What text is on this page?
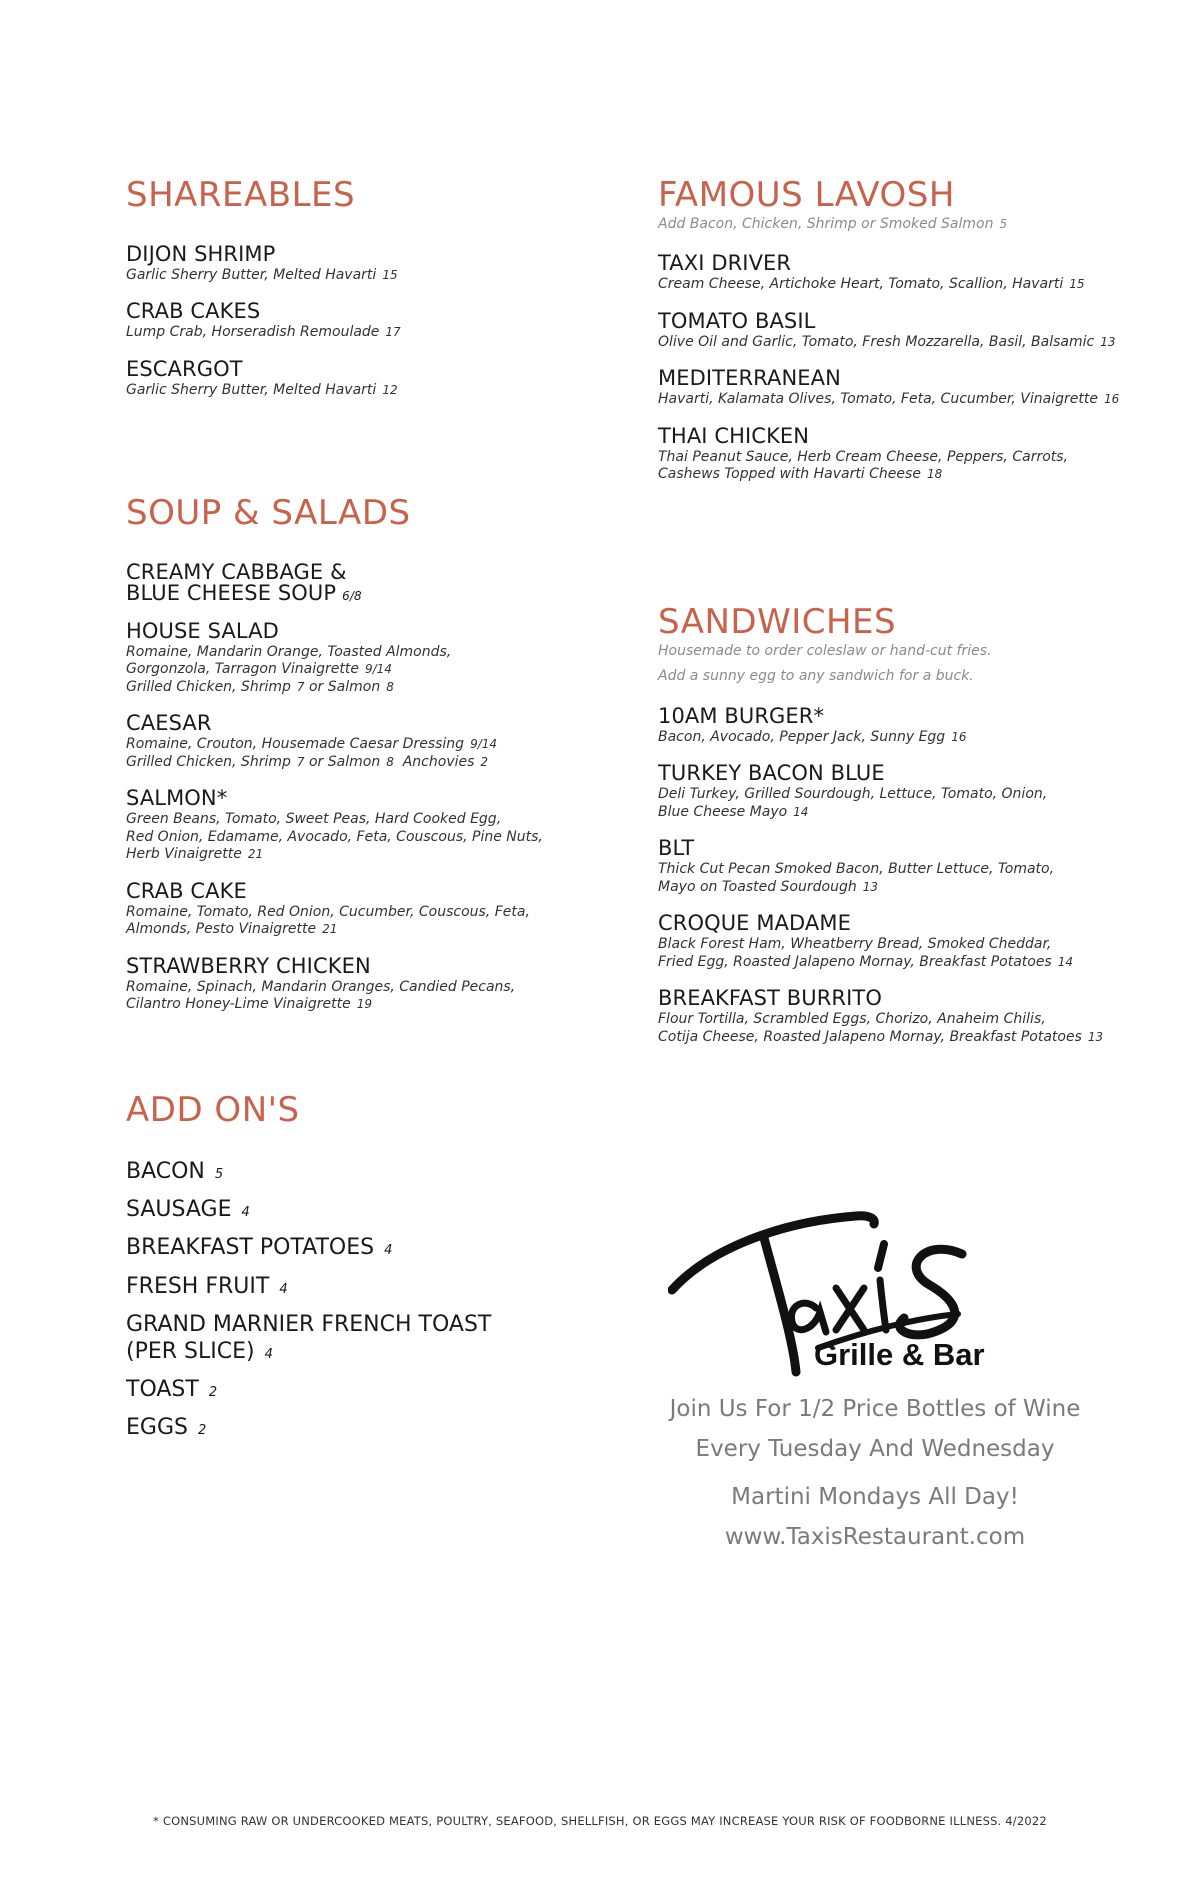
SHAREABLES

DIJON SHRIMP

Garlic Sherry Butter, Melted Havarti 15

CRAB CAKES

Lump Crab, Horseradish Remoulade 17

ESCARGOT

Garlic Sherry Butter, Melted Havarti 12

SOUP & SALADS

CREAMY CABBAGE &

BLUE CHEESE SOUP 6/8

HOUSE SALAD

Romaine, Mandarin Orange, Toasted Almonds,
Gorgonzola, Tarragon Vinaigrette 9/14
Grilled Chicken, Shrimp 7 or Salmon 8

CAESAR

Romaine, Crouton, Housemade Caesar Dressing 9/14
Grilled Chicken, Shrimp 7 or Salmon 8 Anchovies 2

SALMON*

Green Beans, Tomato, Sweet Peas, Hard Cooked Egg,
Red Onion, Edamame, Avocado, Feta, Couscous, Pine Nuts,
Herb Vinaigrette 21

CRAB CAKE

Romaine, Tomato, Red Onion, Cucumber, Couscous, Feta,
Almonds, Pesto Vinaigrette 21

STRAWBERRY CHICKEN

Romaine, Spinach, Mandarin Oranges, Candied Pecans,
Cilantro Honey-Lime Vinaigrette 19

ADD ON'S
BACON 5
SAUSAGE 4
BREAKFAST POTATOES 4
FRESH FRUIT 4
GRAND MARNIER FRENCH TOAST
(PER SLICE) 4
TOAST 2
EGGS 2
FAMOUS LAVOSH

Add Bacon, Chicken, Shrimp or Smoked Salmon 5

TAXI DRIVER

Cream Cheese, Artichoke Heart, Tomato, Scallion, Havarti 15

TOMATO BASIL

Olive Oil and Garlic, Tomato, Fresh Mozzarella, Basil, Balsamic 13

MEDITERRANEAN

Havarti, Kalamata Olives, Tomato, Feta, Cucumber, Vinaigrette 16

THAI CHICKEN

Thai Peanut Sauce, Herb Cream Cheese, Peppers, Carrots,
Cashews Topped with Havarti Cheese 18

SANDWICHES

Housemade to order coleslaw or hand-cut fries.

Add a sunny egg to any sandwich for a buck.

10AM BURGER*

Bacon, Avocado, Pepper Jack, Sunny Egg 16

TURKEY BACON BLUE

Deli Turkey, Grilled Sourdough, Lettuce, Tomato, Onion,
Blue Cheese Mayo 14

BLT

Thick Cut Pecan Smoked Bacon, Butter Lettuce, Tomato,
Mayo on Toasted Sourdough 13

CROQUE MADAME

Black Forest Ham, Wheatberry Bread, Smoked Cheddar,
Fried Egg, Roasted Jalapeno Mornay, Breakfast Potatoes 14

BREAKFAST BURRITO

Flour Tortilla, Scrambled Eggs, Chorizo, Anaheim Chilis,
Cotija Cheese, Roasted Jalapeno Mornay, Breakfast Potatoes 13

Grille & Bar

Join Us For 1/2 Price Bottles of Wine

Every Tuesday And Wednesday

Martini Mondays All Day!

www.TaxisRestaurant.com

* CONSUMING RAW OR UNDERCOOKED MEATS, POULTRY, SEAFOOD, SHELLFISH, OR EGGS MAY INCREASE YOUR RISK OF FOODBORNE ILLNESS. 4/2022
